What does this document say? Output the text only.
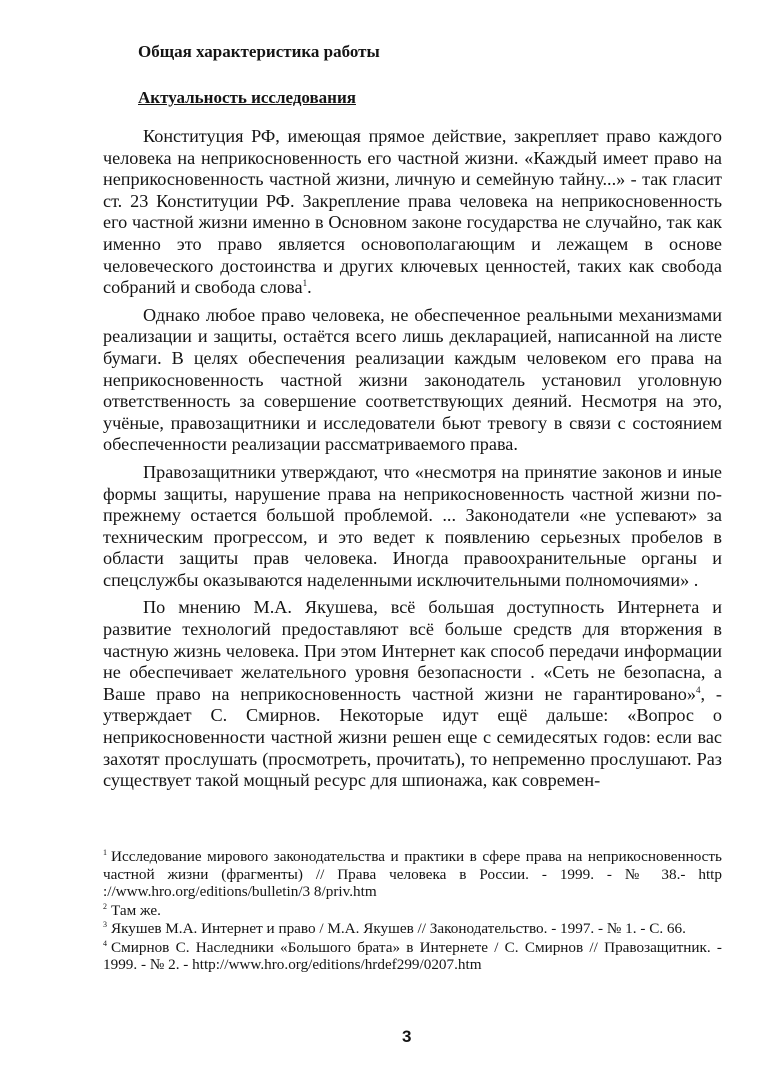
Общая характеристика работы
Актуальность исследования

Конституция РФ, имеющая прямое действие, закрепляет право каждого человека на неприкосновенность его частной жизни. «Каждый имеет право на неприкосновенность частной жизни, личную и семейную тайну...» - так гласит ст. 23 Конституции РФ. Закрепление права человека на неприкосновенность его частной жизни именно в Основном законе государства не случайно, так как именно это право является основополагающим и лежащем в основе человеческого достоинства и других ключевых ценностей, таких как свобода собраний и свобода слова$^1$.

Однако любое право человека, не обеспеченное реальными механизмами реализации и защиты, остаётся всего лишь декларацией, написанной на листе бумаги. В целях обеспечения реализации каждым человеком его права на неприкосновенность частной жизни законодатель установил уголовную ответственность за совершение соответствующих деяний. Несмотря на это, учёные, правозащитники и исследователи бьют тревогу в связи с состоянием обеспеченности реализации рассматриваемого права.

Правозащитники утверждают, что «несмотря на принятие законов и иные формы защиты, нарушение права на неприкосновенность частной жизни по-прежнему остается большой проблемой. ... Законодатели «не успевают» за техническим прогрессом, и это ведет к появлению серьезных пробелов в области защиты прав человека. Иногда правоохранительные органы и спецслужбы оказываются наделенными исключительными полномочиями» .

По мнению М.А. Якушева, всё большая доступность Интернета и развитие технологий предоставляют всё больше средств для вторжения в частную жизнь человека. При этом Интернет как способ передачи информации не обеспечивает желательного уровня безопасности . «Сеть не безопасна, а Ваше право на неприкосновенность частной жизни не гарантировано»$^4$, - утверждает С. Смирнов. Некоторые идут ещё дальше: «Вопрос о неприкосновенности частной жизни решен еще с семидесятых годов: если вас захотят прослушать (просмотреть, прочитать), то непременно прослушают. Раз существует такой мощный ресурс для шпионажа, как современ-

$^1$ Исследование мирового законодательства и практики в сфере права на неприкосновенность частной жизни (фрагменты) // Права человека в России. - 1999. - № 38.- http ://www.hro.org/editions/bulletin/3 8/priv.htm
$^2$ Там же.
$^3$ Якушев М.А. Интернет и право / М.А. Якушев // Законодательство. - 1997. - № 1. - С. 66.
$^4$ Смирнов С. Наследники «Большого брата» в Интернете / С. Смирнов // Правозащитник. - 1999. - № 2. - http://www.hro.org/editions/hrdef299/0207.htm
3
